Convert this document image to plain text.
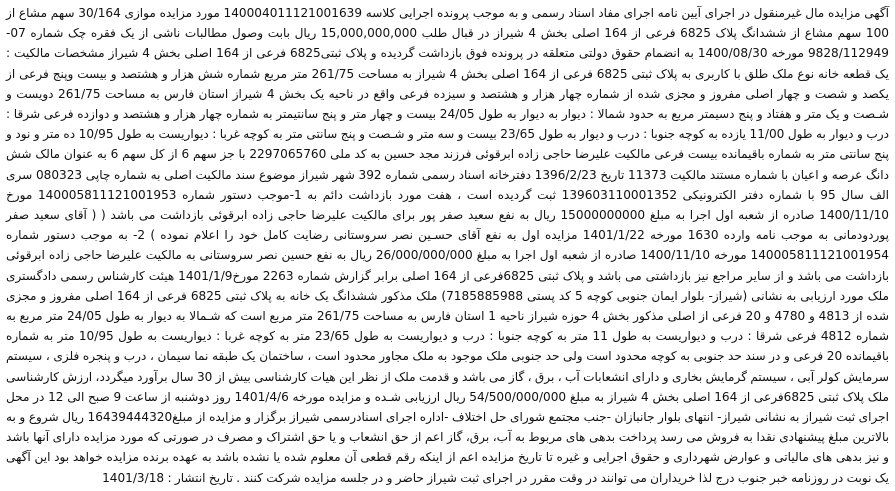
آگهی مزایده مال غیرمنقول در اجرای آیین نامه اجرای مفاد اسناد رسمی و به موجب پرونده اجرایی کلاسه 140004011121001639 مورد مزایده موازی 30/164 سهم مشاع از 100 سهم مشاع از ششدانگ پلاک 6825 فرعی از 164 اصلی بخش 4 شیراز در قبال طلب 15,000,000,000 ریال بابت وصول مطالبات ناشی از یک فقره چک شماره 07-9828/112949 مورخه 1400/08/30 به انضمام حقوق دولتی متعلقه در پرونده فوق بازداشت گردیده و پلاک ثبتی6825 فرعی از 164 اصلی بخش 4 شیراز مشخصات مالکیت : یک قطعه خانه نوع ملک طلق با کاربری به پلاک ثبتی 6825 فرعی از 164 اصلی بخش 4 شیراز به مساحت 261/75 متر مربع شماره شش هزار و هشتصد و بیست وپنج فرعی از یکصد و شصت و چهار اصلی مفروز و مجزی شده از شماره چهار هزار و هشتصد و سیزده فرعی واقع در ناحیه یک بخش 4 شیراز استان فارس به مساحت 261/75 دویست و شـصت و یک متر و هفتاد و پنج دسیمتر مربع به حدود شمالا : دیوار به دیوار به طول 24/05 بیست و چهار متر و پنج سانتیمتر به شماره چهار هزار و هشتصد و دوازده فرعی شرقا : درب و دیوار به طول 11/00 یازده به کوچه جنوبا : درب و دیوار به طول 23/65 بیست و سه متر و شـصت و پنج سانتی متر به کوچه غربا : دیواریست به طول 10/95 ده متر و نود و پنج سانتی متر به شماره باقیمانده بیست فرعی مالکیت علیرضا حاجی زاده ابرقوئی فرزند مجد حسین به کد ملی 2297065760 با جز سهم 6 از کل سهم 6 به عنوان مالک شش دانگ عرصه و اعیان با شماره مستند مالکیت 11373 تاریخ 1396/2/23 دفترخانه اسناد رسمی شماره 392 شهر شیراز موضوع سند مالکیت اصلی به شماره چاپی 080323 سری الف سال 95 با شماره دفتر الکترونیکی 139603110001352 ثبت گردیده است ، هفت مورد بازداشت دائم به 1-موجب دستور شماره 140005811121001953 مورخ 1400/11/10 صادره از شعبه اول اجرا به مبلغ 15000000000 ریال به نفع سعید صفر پور برای مالکیت علیرضا حاجی زاده ابرقوئی بازداشت می باشد ( ( آقای سعید صفر پوردودمانی به موجب نامه وارده 1630 مورخه 1401/1/22 مزایده اول به نفع آقای حسـین نصر سروستانی رضایت کامل خود را اعلام نموده ) 2- به موجب دستور شماره 140005811121001954 مورخه 1400/11/10 صادره از شعبه اول اجرا به مبلغ 26/000/000/000 ریال به نفع حسین نصر سروستانی به مالکیت علیرضا حاجی زاده ابرقوئی بازداشت می باشد و از سایر مراجع نیز بازداشتی می باشد و پلاک ثبتی 6825فرعی از 164 اصلی برابر گزارش شماره 2263 مورخ1401/1/9 هیئت کارشناس رسمی دادگستری ملک مورد ارزیابی به نشانی (شیراز- بلوار ایمان جنوبی کوچه 5 کد پستی 7185885988) ملک مذکور ششدانگ یک خانه به پلاک ثبتی 6825 فرعی از 164 اصلی مفروز و مجزی شده از 4813 و 4780 و 20 فرعی از اصلی مذکور بخش 4 حوزه شیراز ناحیه 1 استان فارس به مساحت 261/75 متر مربع است که شـمالا به دیوار به طول 24/05 متر مربع به شماره 4812 فرعی شرقا : درب و دیواریست به طول 11 متر به کوچه جنوبا : درب و دیواریست به طول 23/65 متر به کوچه غربا : دیواریست به طول 10/95 متر به شماره باقیمانده 20 فرعی و در سند حد جنوبی به کوچه محدود است ولی حد جنوبی ملک موجود به ملک مجاور محدود است ، ساختمان یک طبقه نما سیمان ، درب و پنجره فلزی ، سیستم سرمایش کولر آبی ، سیستم گرمایش بخاری و دارای انشعابات آب ، برق ، گاز می باشد و قدمت ملک از نظر این هیات کارشناسی بیش از 30 سال برآورد میگردد، ارزش کارشناسی ملک پلاک ثبتی 6825فرعی از 164 اصلی بخش 4 شیراز به مبلغ 54/500/000/000 ریال ارزیابی شـده و مزایده مورخه 1401/4/6 روز دوشنبه از ساعت 9 صبح الی 12 در محل اجرای ثبت شیراز به نشانی شیراز- انتهای بلوار جانبازان -جنب مجتمع شورای حل اختلاف -اداره اجرای اسنادرسمی شیراز برگزار و مزایده از مبلغ16439444320 ریال شروع و به بالاترین مبلغ پیشنهادی نقدا به فروش می رسد پرداخت بدهی های مربوط به آب، برق، گاز اعم از حق انشعاب و یا حق اشتراک و مصرف در صورتی که مورد مزایده دارای آنها باشد و نیز بدهی های مالیاتی و عوارض شهرداری و حقوق اجرایی و غیره تا تاریخ مزایده اعم از اینکه رقم قطعی آن معلوم شده یا نشده باشد به عهده برنده مزایده خواهد بود این آگهی یک نوبت در روزنامه خبر جنوب درج لذا خریداران می توانند در وقت مقرر در اجرای ثبت شیراز حاضر و در جلسه مزایده شرکت کنند . تاریخ انتشار : 1401/3/18
